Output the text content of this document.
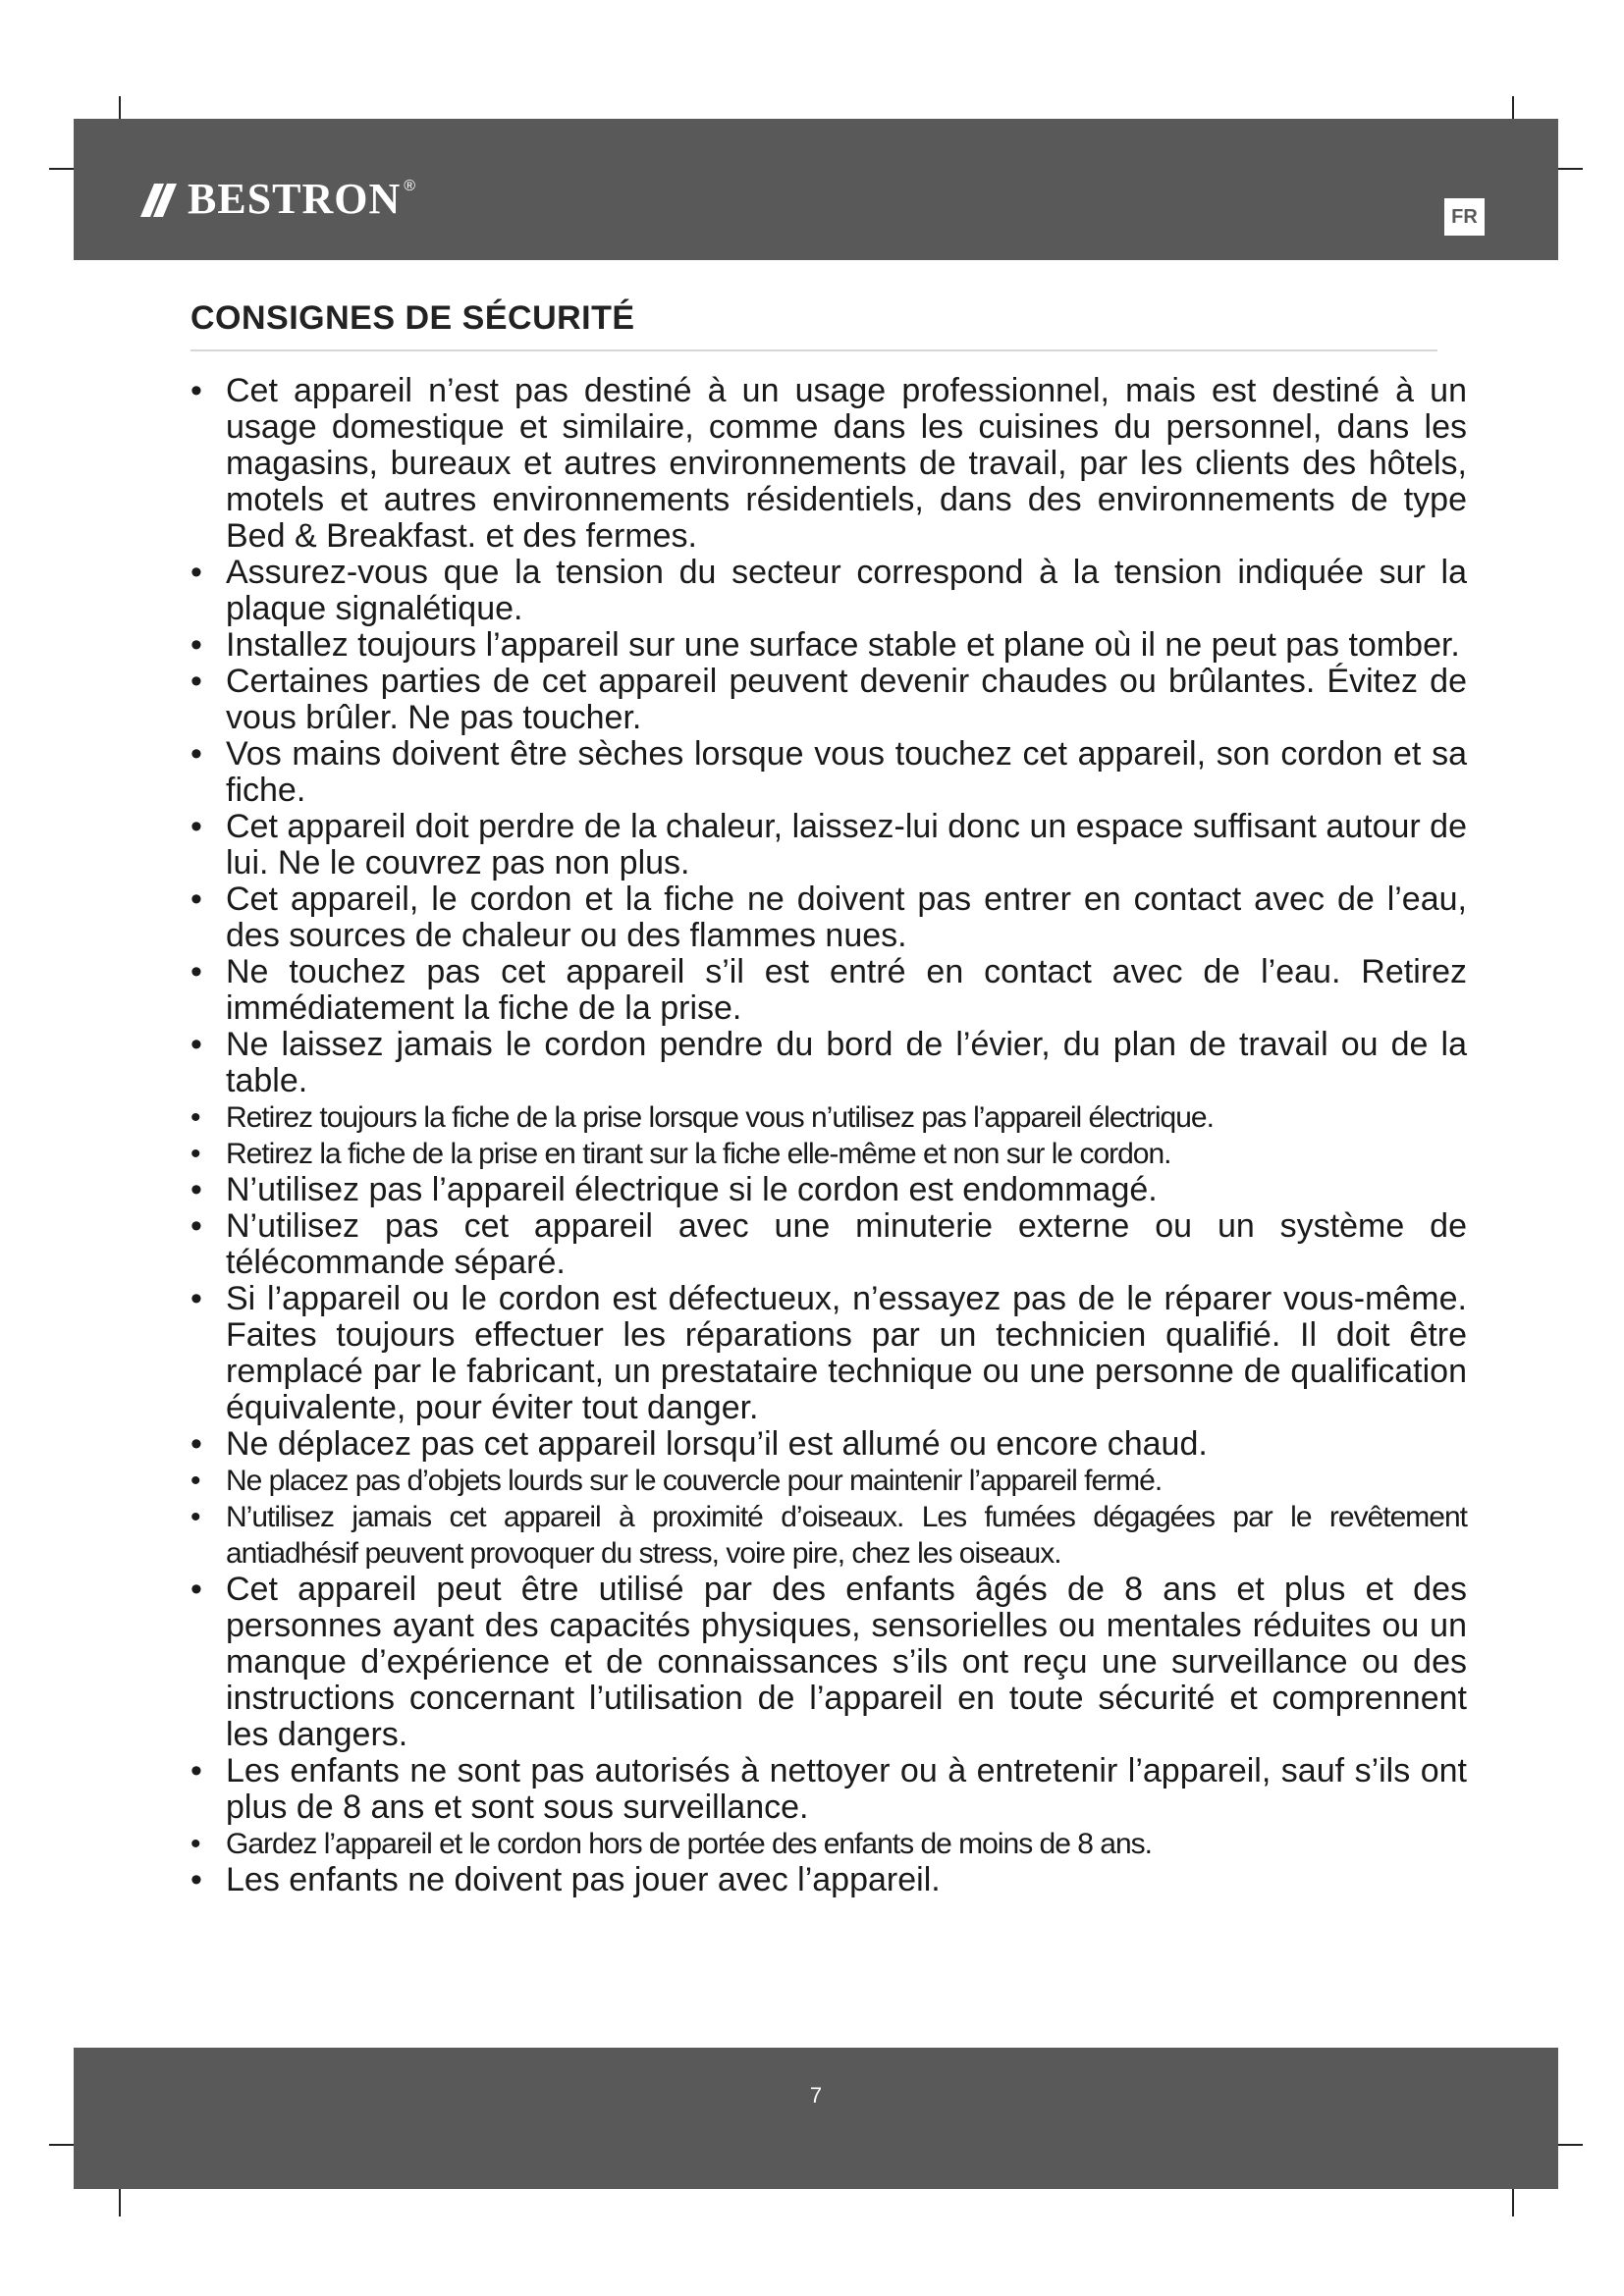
BESTRON ®
FR
CONSIGNES DE SÉCURITÉ
• Cet appareil n’est pas destiné à un usage professionnel, mais est destiné à un usage domestique et similaire, comme dans les cuisines du personnel, dans les magasins, bureaux et autres environnements de travail, par les clients des hôtels, motels et autres environnements résidentiels, dans des environnements de type Bed & Breakfast. et des fermes.
• Assurez-vous que la tension du secteur correspond à la tension indiquée sur la plaque signalétique.
• Installez toujours l’appareil sur une surface stable et plane où il ne peut pas tomber.
• Certaines parties de cet appareil peuvent devenir chaudes ou brûlantes. Évitez de vous brûler. Ne pas toucher.
• Vos mains doivent être sèches lorsque vous touchez cet appareil, son cordon et sa fiche.
• Cet appareil doit perdre de la chaleur, laissez-lui donc un espace suffisant autour de lui. Ne le couvrez pas non plus.
• Cet appareil, le cordon et la fiche ne doivent pas entrer en contact avec de l’eau, des sources de chaleur ou des flammes nues.
• Ne touchez pas cet appareil s’il est entré en contact avec de l’eau. Retirez immédiatement la fiche de la prise.
• Ne laissez jamais le cordon pendre du bord de l’évier, du plan de travail ou de la table.
• Retirez toujours la fiche de la prise lorsque vous n’utilisez pas l’appareil électrique.
• Retirez la fiche de la prise en tirant sur la fiche elle-même et non sur le cordon.
• N’utilisez pas l’appareil électrique si le cordon est endommagé.
• N’utilisez pas cet appareil avec une minuterie externe ou un système de télécommande séparé.
• Si l’appareil ou le cordon est défectueux, n’essayez pas de le réparer vous-même. Faites toujours effectuer les réparations par un technicien qualifié. Il doit être remplacé par le fabricant, un prestataire technique ou une personne de qualification équivalente, pour éviter tout danger.
• Ne déplacez pas cet appareil lorsqu’il est allumé ou encore chaud.
• Ne placez pas d’objets lourds sur le couvercle pour maintenir l’appareil fermé.
• N’utilisez jamais cet appareil à proximité d’oiseaux. Les fumées dégagées par le revêtement antiadhésif peuvent provoquer du stress, voire pire, chez les oiseaux.
• Cet appareil peut être utilisé par des enfants âgés de 8 ans et plus et des personnes ayant des capacités physiques, sensorielles ou mentales réduites ou un manque d’expérience et de connaissances s’ils ont reçu une surveillance ou des instructions concernant l’utilisation de l’appareil en toute sécurité et comprennent les dangers.
• Les enfants ne sont pas autorisés à nettoyer ou à entretenir l’appareil, sauf s’ils ont plus de 8 ans et sont sous surveillance.
• Gardez l’appareil et le cordon hors de portée des enfants de moins de 8 ans.
• Les enfants ne doivent pas jouer avec l’appareil.
7
